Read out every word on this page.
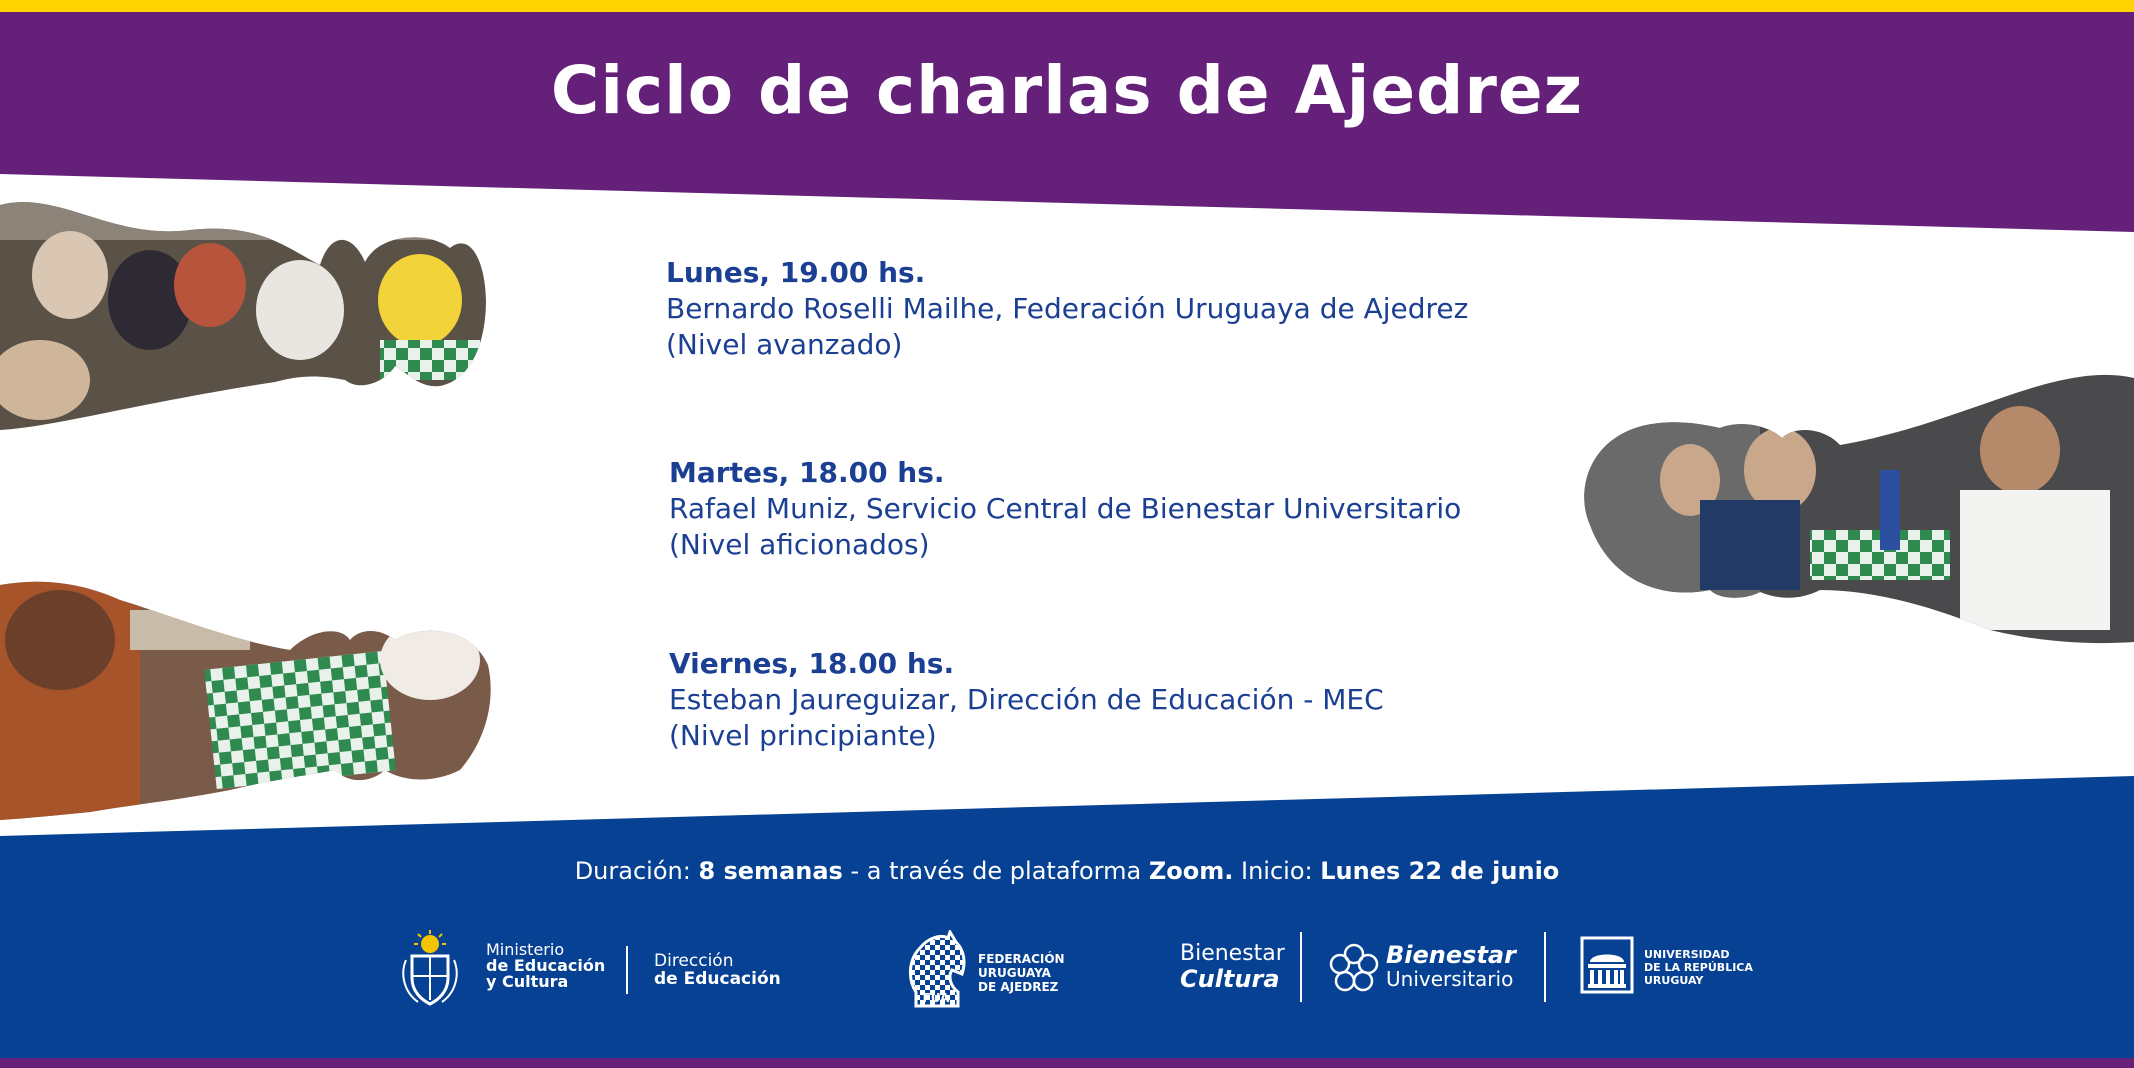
Ciclo de charlas de Ajedrez
Lunes, 19.00 hs.
Bernardo Roselli Mailhe, Federación Uruguaya de Ajedrez
(Nivel avanzado)
Martes, 18.00 hs.
Rafael Muniz, Servicio Central de Bienestar Universitario
(Nivel aficionados)
Viernes, 18.00 hs.
Esteban Jaureguizar, Dirección de Educación - MEC
(Nivel principiante)
Duración: 8 semanas - a través de plataforma Zoom. Inicio: Lunes 22 de junio
Ministerio
de Educación
y Cultura
Dirección
de Educación
FUA
FEDERACIÓN
URUGUAYA
DE AJEDREZ
Bienestar
Cultura
Bienestar
Universitario
UNIVERSIDAD
DE LA REPÚBLICA
URUGUAY
